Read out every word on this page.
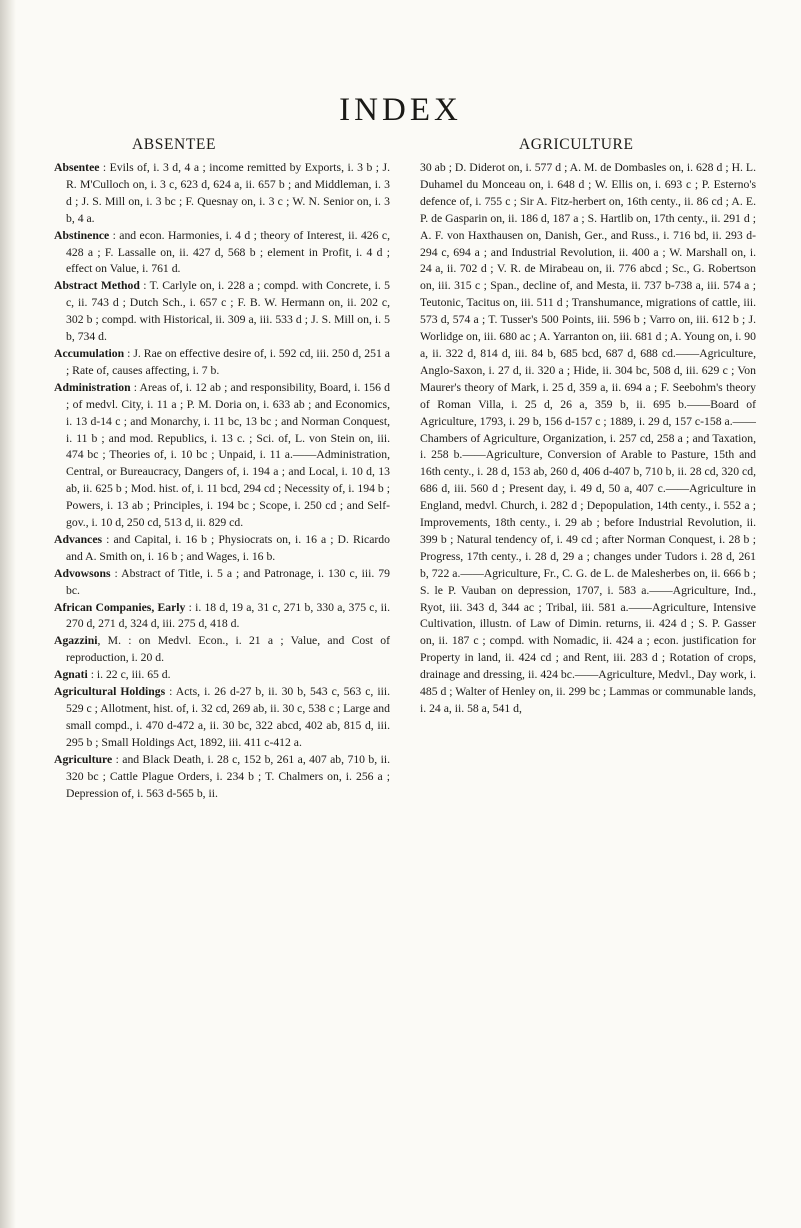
INDEX
ABSENTEE	AGRICULTURE

Absentee : Evils of, i. 3 d, 4 a ; income remitted by Exports, i. 3 b ; J. R. M'Culloch on, i. 3 c, 623 d, 624 a, ii. 657 b ; and Middleman, i. 3 d ; J. S. Mill on, i. 3 bc ; F. Quesnay on, i. 3 c ; W. N. Senior on, i. 3 b, 4 a.

Abstinence : and econ. Harmonies, i. 4 d ; theory of Interest, ii. 426 c, 428 a ; F. Lassalle on, ii. 427 d, 568 b ; element in Profit, i. 4 d ; effect on Value, i. 761 d.

Abstract Method : T. Carlyle on, i. 228 a ; compd. with Concrete, i. 5 c, ii. 743 d ; Dutch Sch., i. 657 c ; F. B. W. Hermann on, ii. 202 c, 302 b ; compd. with Historical, ii. 309 a, iii. 533 d ; J. S. Mill on, i. 5 b, 734 d.

Accumulation : J. Rae on effective desire of, i. 592 cd, iii. 250 d, 251 a ; Rate of, causes affecting, i. 7 b.

Administration : Areas of, i. 12 ab ; and responsibility, Board, i. 156 d ; of medvl. City, i. 11 a ; P. M. Doria on, i. 633 ab ; and Economics, i. 13 d-14 c ; and Monarchy, i. 11 bc, 13 bc ; and Norman Conquest, i. 11 b ; and mod. Republics, i. 13 c. ; Sci. of, L. von Stein on, iii. 474 bc ; Theories of, i. 10 bc ; Unpaid, i. 11 a.——Administration, Central, or Bureaucracy, Dangers of, i. 194 a ; and Local, i. 10 d, 13 ab, ii. 625 b ; Mod. hist. of, i. 11 bcd, 294 cd ; Necessity of, i. 194 b ; Powers, i. 13 ab ; Principles, i. 194 bc ; Scope, i. 250 cd ; and Self-gov., i. 10 d, 250 cd, 513 d, ii. 829 cd.

Advances : and Capital, i. 16 b ; Physiocrats on, i. 16 a ; D. Ricardo and A. Smith on, i. 16 b ; and Wages, i. 16 b.

Advowsons : Abstract of Title, i. 5 a ; and Patronage, i. 130 c, iii. 79 bc.

African Companies, Early : i. 18 d, 19 a, 31 c, 271 b, 330 a, 375 c, ii. 270 d, 271 d, 324 d, iii. 275 d, 418 d.

Agazzini, M. : on Medvl. Econ., i. 21 a ; Value, and Cost of reproduction, i. 20 d.

Agnati : i. 22 c, iii. 65 d.

Agricultural Holdings : Acts, i. 26 d-27 b, ii. 30 b, 543 c, 563 c, iii. 529 c ; Allotment, hist. of, i. 32 cd, 269 ab, ii. 30 c, 538 c ; Large and small compd., i. 470 d-472 a, ii. 30 bc, 322 abcd, 402 ab, 815 d, iii. 295 b ; Small Holdings Act, 1892, iii. 411 c-412 a.

Agriculture : and Black Death, i. 28 c, 152 b, 261 a, 407 ab, 710 b, ii. 320 bc ; Cattle Plague Orders, i. 234 b ; T. Chalmers on, i. 256 a ; Depression of, i. 563 d-565 b, ii.

30 ab ; D. Diderot on, i. 577 d ; A. M. de Dombasles on, i. 628 d ; H. L. Duhamel du Monceau on, i. 648 d ; W. Ellis on, i. 693 c ; P. Esterno's defence of, i. 755 c ; Sir A. Fitz-herbert on, 16th centy., ii. 86 cd ; A. E. P. de Gasparin on, ii. 186 d, 187 a ; S. Hartlib on, 17th centy., ii. 291 d ; A. F. von Haxthausen on, Danish, Ger., and Russ., i. 716 bd, ii. 293 d-294 c, 694 a ; and Industrial Revolution, ii. 400 a ; W. Marshall on, i. 24 a, ii. 702 d ; V. R. de Mirabeau on, ii. 776 abcd ; Sc., G. Robertson on, iii. 315 c ; Span., decline of, and Mesta, ii. 737 b-738 a, iii. 574 a ; Teutonic, Tacitus on, iii. 511 d ; Transhumance, migrations of cattle, iii. 573 d, 574 a ; T. Tusser's 500 Points, iii. 596 b ; Varro on, iii. 612 b ; J. Worlidge on, iii. 680 ac ; A. Yarranton on, iii. 681 d ; A. Young on, i. 90 a, ii. 322 d, 814 d, iii. 84 b, 685 bcd, 687 d, 688 cd.——Agriculture, Anglo-Saxon, i. 27 d, ii. 320 a ; Hide, ii. 304 bc, 508 d, iii. 629 c ; Von Maurer's theory of Mark, i. 25 d, 359 a, ii. 694 a ; F. Seebohm's theory of Roman Villa, i. 25 d, 26 a, 359 b, ii. 695 b.——Board of Agriculture, 1793, i. 29 b, 156 d-157 c ; 1889, i. 29 d, 157 c-158 a.——Chambers of Agriculture, Organization, i. 257 cd, 258 a ; and Taxation, i. 258 b.——Agriculture, Conversion of Arable to Pasture, 15th and 16th centy., i. 28 d, 153 ab, 260 d, 406 d-407 b, 710 b, ii. 28 cd, 320 cd, 686 d, iii. 560 d ; Present day, i. 49 d, 50 a, 407 c.——Agriculture in England, medvl. Church, i. 282 d ; Depopulation, 14th centy., i. 552 a ; Improvements, 18th centy., i. 29 ab ; before Industrial Revolution, ii. 399 b ; Natural tendency of, i. 49 cd ; after Norman Conquest, i. 28 b ; Progress, 17th centy., i. 28 d, 29 a ; changes under Tudors i. 28 d, 261 b, 722 a.——Agriculture, Fr., C. G. de L. de Malesherbes on, ii. 666 b ; S. le P. Vauban on depression, 1707, i. 583 a.——Agriculture, Ind., Ryot, iii. 343 d, 344 ac ; Tribal, iii. 581 a.——Agriculture, Intensive Cultivation, illustn. of Law of Dimin. returns, ii. 424 d ; S. P. Gasser on, ii. 187 c ; compd. with Nomadic, ii. 424 a ; econ. justification for Property in land, ii. 424 cd ; and Rent, iii. 283 d ; Rotation of crops, drainage and dressing, ii. 424 bc.——Agriculture, Medvl., Day work, i. 485 d ; Walter of Henley on, ii. 299 bc ; Lammas or communable lands, i. 24 a, ii. 58 a, 541 d,
